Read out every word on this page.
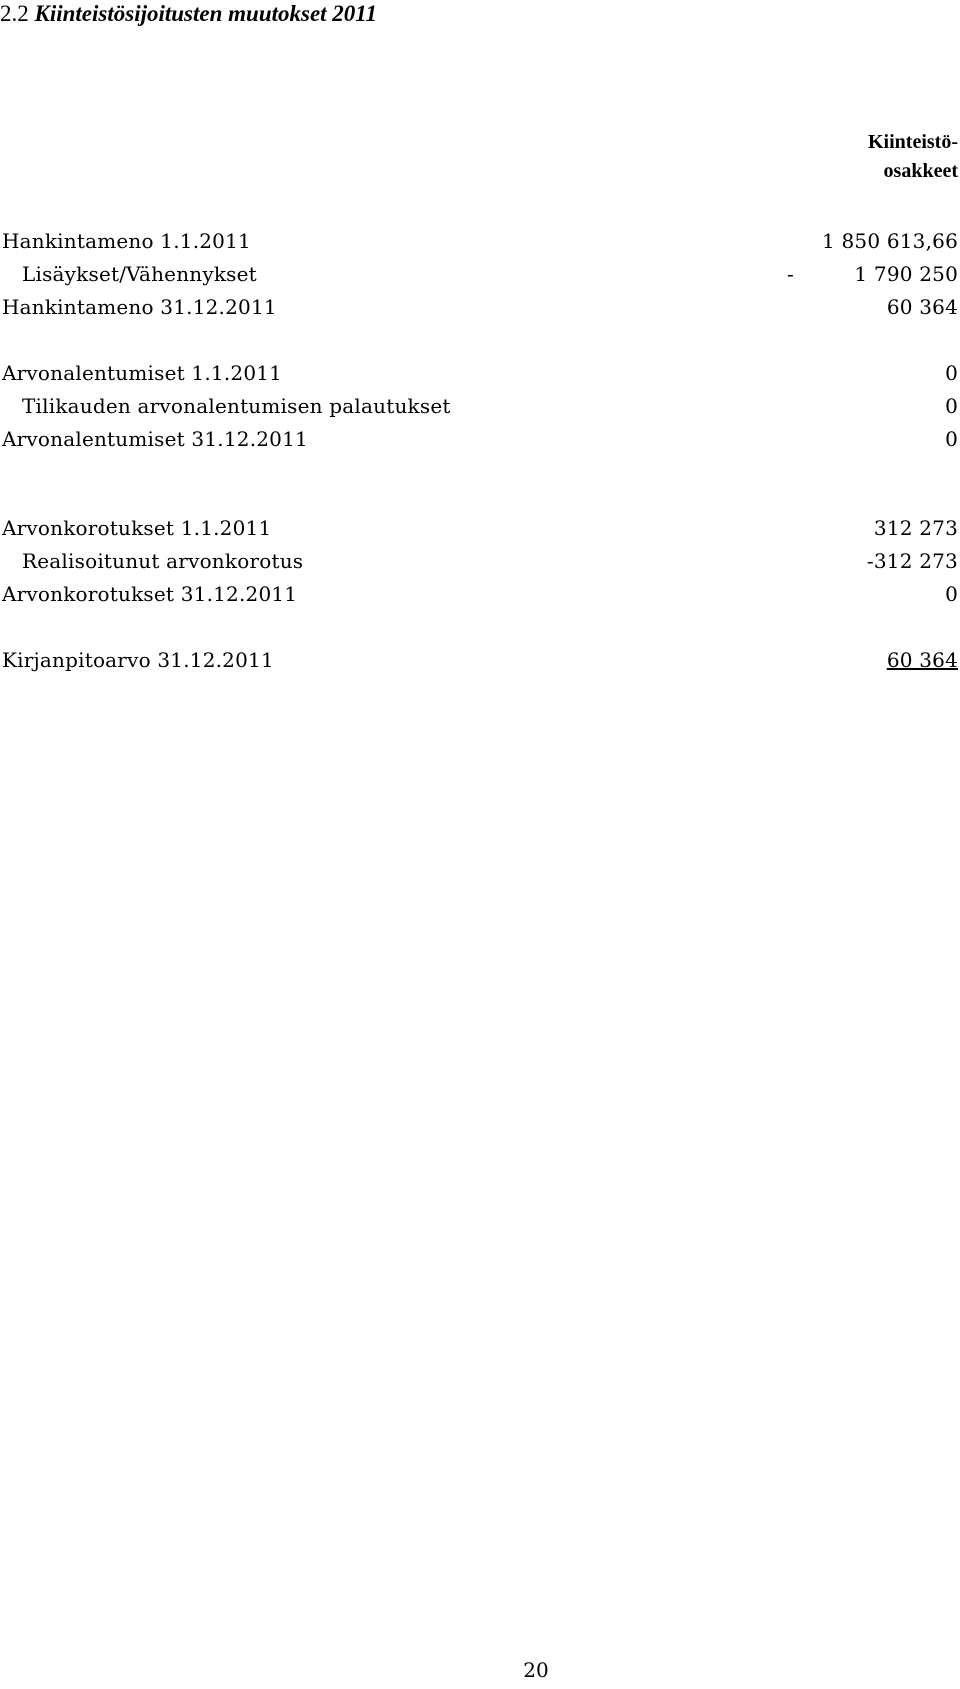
2.2 Kiinteistösijoitusten muutokset 2011
Kiinteistö-
osakkeet
Hankintameno 1.1.2011	1 850 613,66
Lisäykset/Vähennykset	-	1 790 250
Hankintameno 31.12.2011	60 364
Arvonalentumiset 1.1.2011	0
Tilikauden arvonalentumisen palautukset	0
Arvonalentumiset 31.12.2011	0
Arvonkorotukset 1.1.2011	312 273
Realisoitunut arvonkorotus	-312 273
Arvonkorotukset 31.12.2011	0
Kirjanpitoarvo 31.12.2011	60 364
20
